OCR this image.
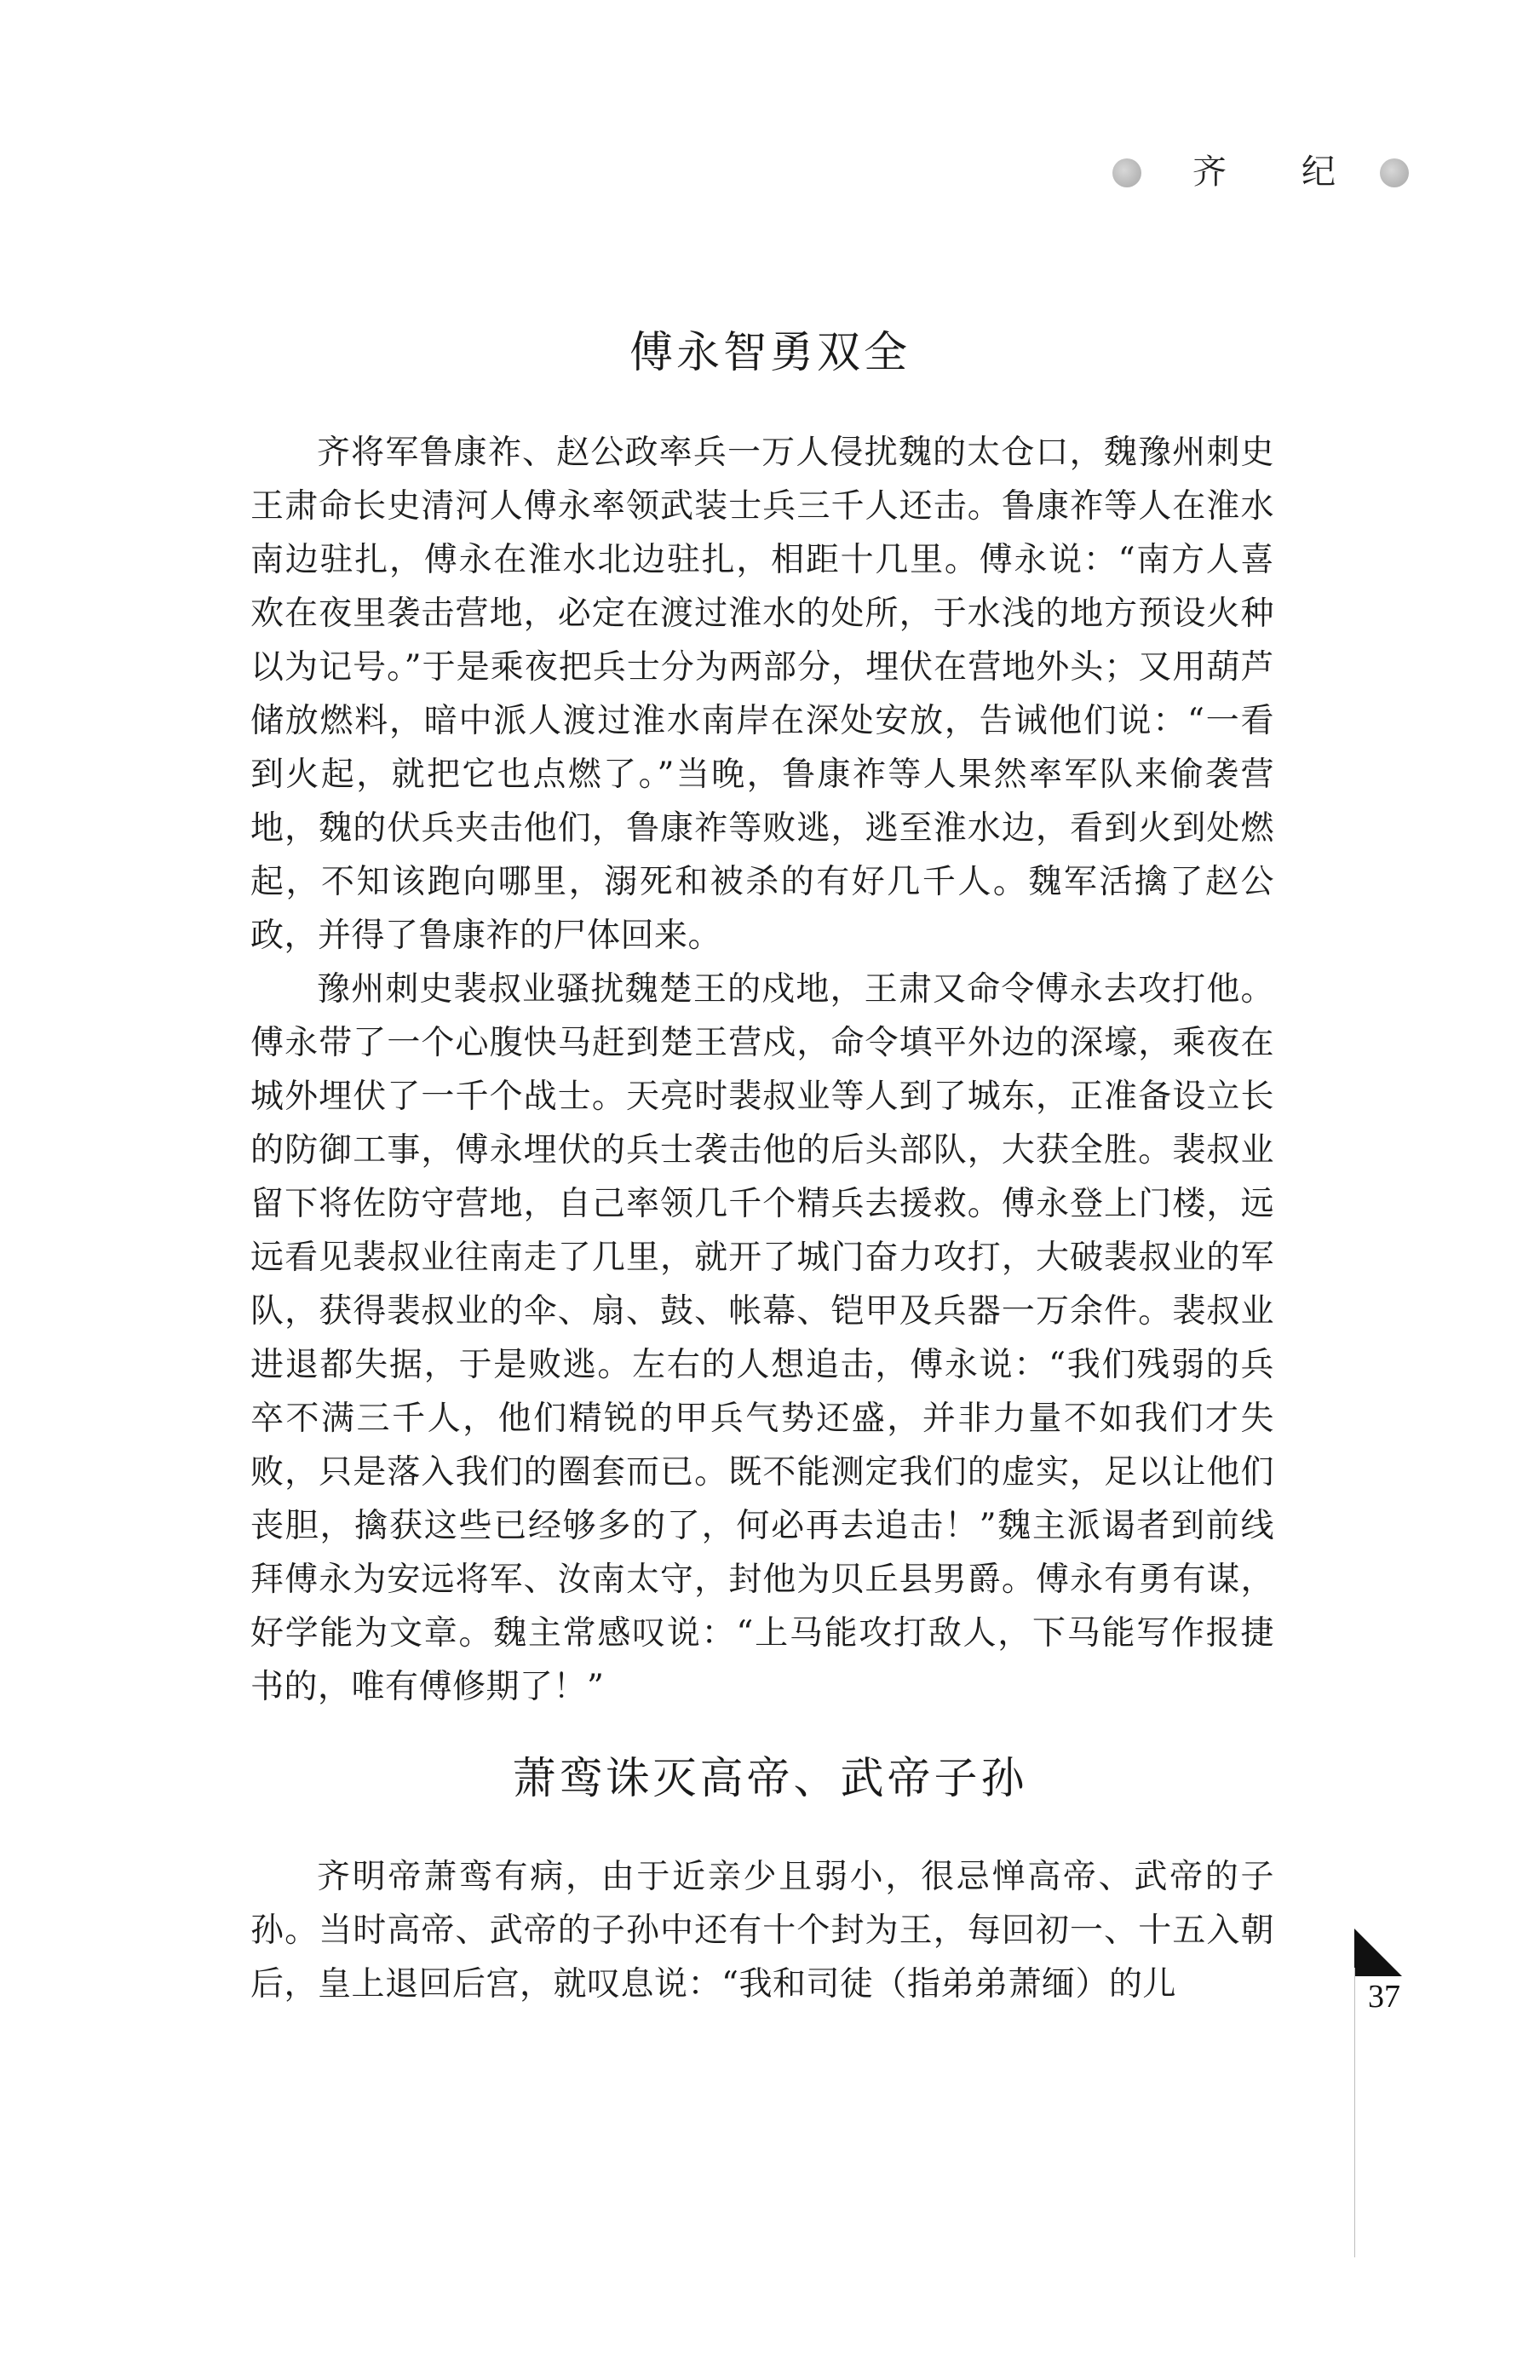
齐 纪
傅永智勇双全

齐将军鲁康祚、赵公政率兵一万人侵扰魏的太仓口，魏豫州刺史王肃命长史清河人傅永率领武装士兵三千人还击。鲁康祚等人在淮水南边驻扎，傅永在淮水北边驻扎，相距十几里。傅永说：“南方人喜欢在夜里袭击营地，必定在渡过淮水的处所，于水浅的地方预设火种以为记号。”于是乘夜把兵士分为两部分，埋伏在营地外头；又用葫芦储放燃料，暗中派人渡过淮水南岸在深处安放，告诫他们说：“一看到火起，就把它也点燃了。”当晚，鲁康祚等人果然率军队来偷袭营地，魏的伏兵夹击他们，鲁康祚等败逃，逃至淮水边，看到火到处燃起，不知该跑向哪里，溺死和被杀的有好几千人。魏军活擒了赵公政，并得了鲁康祚的尸体回来。

豫州刺史裴叔业骚扰魏楚王的戍地，王肃又命令傅永去攻打他。傅永带了一个心腹快马赶到楚王营戍，命令填平外边的深壕，乘夜在城外埋伏了一千个战士。天亮时裴叔业等人到了城东，正准备设立长的防御工事，傅永埋伏的兵士袭击他的后头部队，大获全胜。裴叔业留下将佐防守营地，自己率领几千个精兵去援救。傅永登上门楼，远远看见裴叔业往南走了几里，就开了城门奋力攻打，大破裴叔业的军队，获得裴叔业的伞、扇、鼓、帐幕、铠甲及兵器一万余件。裴叔业进退都失据，于是败逃。左右的人想追击，傅永说：“我们残弱的兵卒不满三千人，他们精锐的甲兵气势还盛，并非力量不如我们才失败，只是落入我们的圈套而已。既不能测定我们的虚实，足以让他们丧胆，擒获这些已经够多的了，何必再去追击！”魏主派谒者到前线拜傅永为安远将军、汝南太守，封他为贝丘县男爵。傅永有勇有谋，好学能为文章。魏主常感叹说：“上马能攻打敌人，下马能写作报捷书的，唯有傅修期了！”

萧鸾诛灭高帝、武帝子孙

齐明帝萧鸾有病，由于近亲少且弱小，很忌惮高帝、武帝的子孙。当时高帝、武帝的子孙中还有十个封为王，每回初一、十五入朝后，皇上退回后宫，就叹息说：“我和司徒（指弟弟萧缅）的儿	37
